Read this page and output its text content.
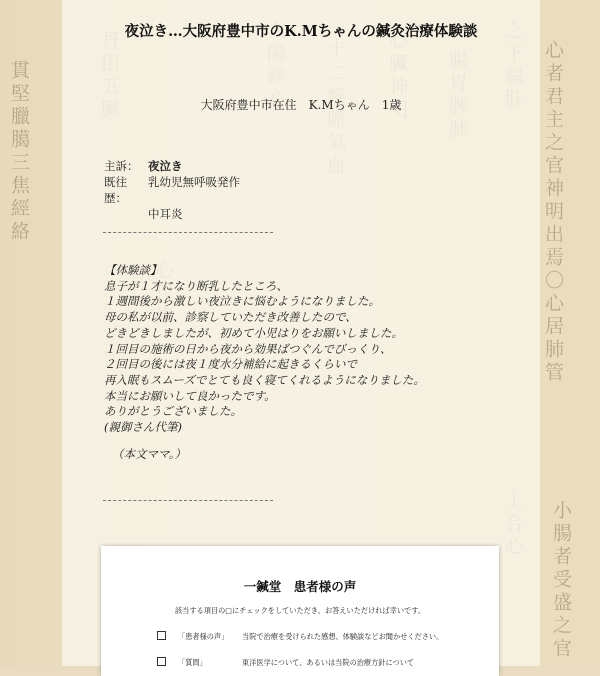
貫堅臘臈三焦經絡	心者君主之官神明出焉〇心居肺管
小腸者受盛之官
夜泣き…大阪府豊中市のK.Mちゃんの鍼灸治療体験談
大阪府豊中市在住　K.Mちゃん　1歳
主訴： 夜泣き
既往歴：
乳幼児無呼吸発作
中耳炎
【体験談】
息子が１才になり断乳したところ、
１週間後から激しい夜泣きに悩むようになりました。
母の私が以前、診察していただき改善したので、
どきどきしましたが、初めて小児はりをお願いしました。
１回目の施術の日から夜から効果ばつぐんでびっくり、
２回目の後には夜１度水分補給に起きるくらいで
再入眠もスムーズでとても良く寝てくれるようになりました。
本当にお願いして良かったです。
ありがとうございました。
(親御さん代筆)
（本文ママ。）
一鍼堂　患者様の声
該当する項目の□にチェックをしていただき、お答えいただければ幸いです。
「患者様の声」 当院で治療を受けられた感想、体験談などお聞かせください。
「質問」	東洋医学について、あるいは当院の治療方針について
